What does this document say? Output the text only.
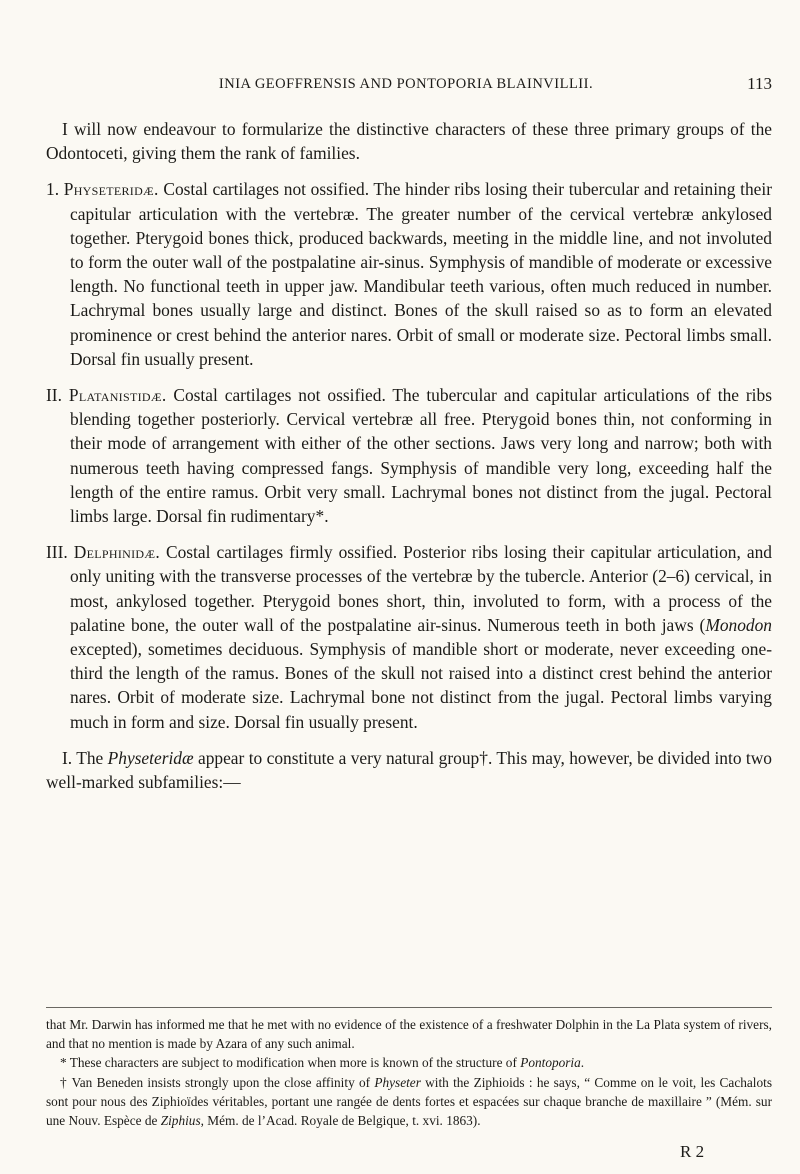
INIA GEOFFRENSIS AND PONTOPORIA BLAINVILLII.	113

I will now endeavour to formularize the distinctive characters of these three primary groups of the Odontoceti, giving them the rank of families.

1. Physeteridæ. Costal cartilages not ossified. The hinder ribs losing their tubercular and retaining their capitular articulation with the vertebræ. The greater number of the cervical vertebræ ankylosed together. Pterygoid bones thick, produced backwards, meeting in the middle line, and not involuted to form the outer wall of the postpalatine air-sinus. Symphysis of mandible of moderate or excessive length. No functional teeth in upper jaw. Mandibular teeth various, often much reduced in number. Lachrymal bones usually large and distinct. Bones of the skull raised so as to form an elevated prominence or crest behind the anterior nares. Orbit of small or moderate size. Pectoral limbs small. Dorsal fin usually present.

II. Platanistidæ. Costal cartilages not ossified. The tubercular and capitular articulations of the ribs blending together posteriorly. Cervical vertebræ all free. Pterygoid bones thin, not conforming in their mode of arrangement with either of the other sections. Jaws very long and narrow; both with numerous teeth having compressed fangs. Symphysis of mandible very long, exceeding half the length of the entire ramus. Orbit very small. Lachrymal bones not distinct from the jugal. Pectoral limbs large. Dorsal fin rudimentary*.

III. Delphinidæ. Costal cartilages firmly ossified. Posterior ribs losing their capitular articulation, and only uniting with the transverse processes of the vertebræ by the tubercle. Anterior (2–6) cervical, in most, ankylosed together. Pterygoid bones short, thin, involuted to form, with a process of the palatine bone, the outer wall of the postpalatine air-sinus. Numerous teeth in both jaws (Monodon excepted), sometimes deciduous. Symphysis of mandible short or moderate, never exceeding one-third the length of the ramus. Bones of the skull not raised into a distinct crest behind the anterior nares. Orbit of moderate size. Lachrymal bone not distinct from the jugal. Pectoral limbs varying much in form and size. Dorsal fin usually present.

I. The Physeteridæ appear to constitute a very natural group†. This may, however, be divided into two well-marked subfamilies:—

that Mr. Darwin has informed me that he met with no evidence of the existence of a freshwater Dolphin in the La Plata system of rivers, and that no mention is made by Azara of any such animal.

* These characters are subject to modification when more is known of the structure of Pontoporia.

† Van Beneden insists strongly upon the close affinity of Physeter with the Ziphioids : he says, “ Comme on le voit, les Cachalots sont pour nous des Ziphioïdes véritables, portant une rangée de dents fortes et espacées sur chaque branche de maxillaire ” (Mém. sur une Nouv. Espèce de Ziphius, Mém. de l’Acad. Royale de Belgique, t. xvi. 1863).

R 2
